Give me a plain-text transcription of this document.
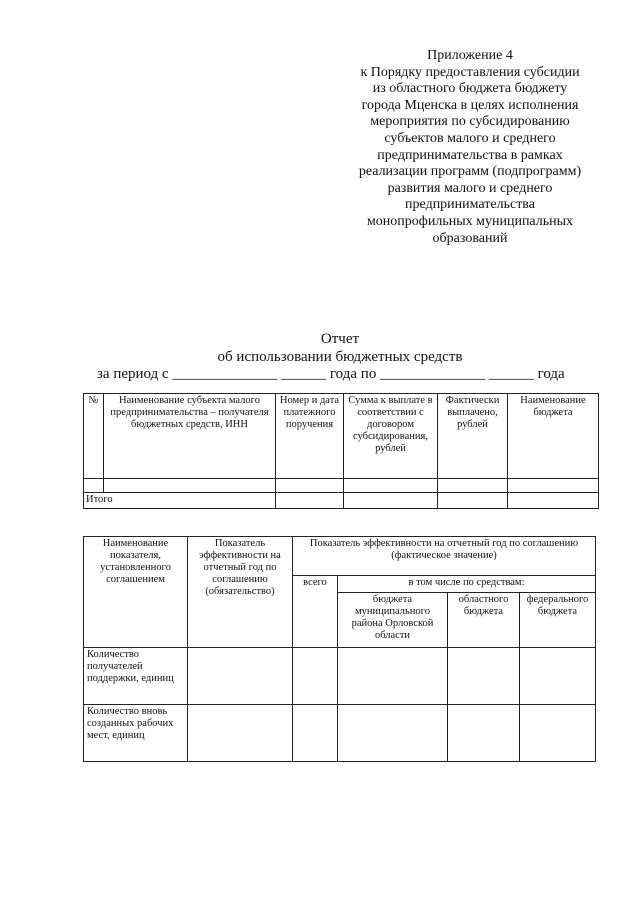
Приложение 4
к Порядку предоставления субсидии
из областного бюджета бюджету
города Мценска в целях исполнения
мероприятия по субсидированию
субъектов малого и среднего
предпринимательства в рамках
реализации программ (подпрограмм)
развития малого и среднего
предпринимательства
монопрофильных муниципальных
образований
Отчет
об использовании бюджетных средств
за период с ______________ ______ года по ______________ ______ года
№	Наименование субъекта малого предпринимательства – получателя бюджетных средств, ИНН	Номер и дата платежного поручения	Сумма к выплате в соответствии с договором субсидирования, рублей	Фактически выплачено, рублей	Наименование бюджета

Итого					
Наименование показателя, установленного соглашением	Показатель эффективности на отчетный год по соглашению (обязательство)	Показатель эффективности на отчетный год по соглашению (фактическое значение)			
		всего	в том числе по средствам:		
			бюджета муниципального района Орловской области	областного бюджета	федерального бюджета
Количество получателей поддержки, единиц					
Количество вновь созданных рабочих мест, единиц					
